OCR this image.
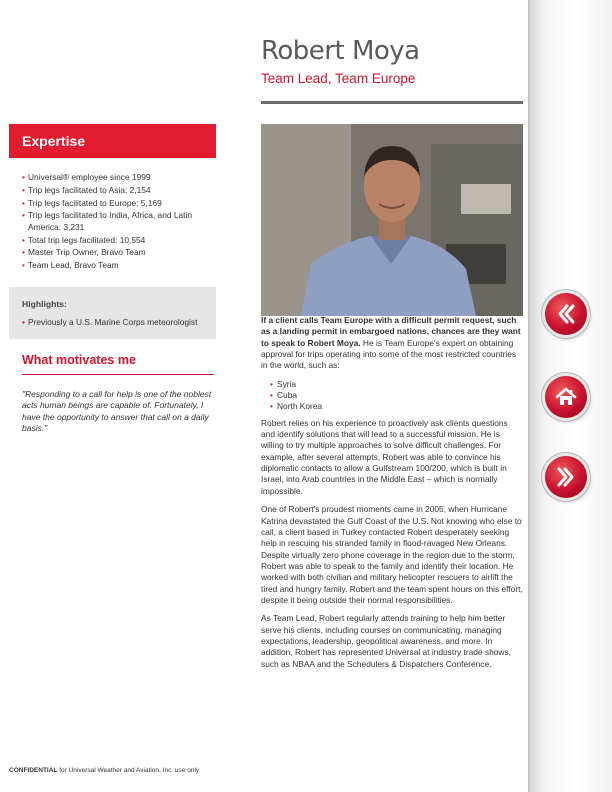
Robert Moya
Team Lead, Team Europe
Expertise
• Universal® employee since 1999
• Trip legs facilitated to Asia: 2,154
• Trip legs facilitated to Europe: 5,169
• Trip legs facilitated to India, Africa, and Latin America: 3,231
• Total trip legs facilitated: 10,554
• Master Trip Owner, Bravo Team
• Team Lead, Bravo Team
Highlights:
• Previously a U.S. Marine Corps meteorologist
What motivates me

"Responding to a call for help is one of the noblest acts human beings are capable of. Fortunately, I have the opportunity to answer that call on a daily basis."

If a client calls Team Europe with a difficult permit request, such as a landing permit in embargoed nations, chances are they want to speak to Robert Moya. He is Team Europe's expert on obtaining approval for trips operating into some of the most restricted countries in the world, such as:

• Syria
• Cuba
• North Korea

Robert relies on his experience to proactively ask clients questions and identify solutions that will lead to a successful mission. He is willing to try multiple approaches to solve difficult challenges. For example, after several attempts, Robert was able to convince his diplomatic contacts to allow a Gulfstream 100/200, which is built in Israel, into Arab countries in the Middle East – which is normally impossible.

One of Robert's proudest moments came in 2005, when Hurricane Katrina devastated the Gulf Coast of the U.S. Not knowing who else to call, a client based in Turkey contacted Robert desperately seeking help in rescuing his stranded family in flood-ravaged New Orleans. Despite virtually zero phone coverage in the region due to the storm, Robert was able to speak to the family and identify their location. He worked with both civilian and military helicopter rescuers to airlift the tired and hungry family. Robert and the team spent hours on this effort, despite it being outside their normal responsibilities.

As Team Lead, Robert regularly attends training to help him better serve his clients, including courses on communicating, managing expectations, leadership, geopolitical awareness, and more. In addition, Robert has represented Universal at industry trade shows, such as NBAA and the Schedulers & Dispatchers Conference.

CONFIDENTIAL for Universal Weather and Aviation, Inc. use only
